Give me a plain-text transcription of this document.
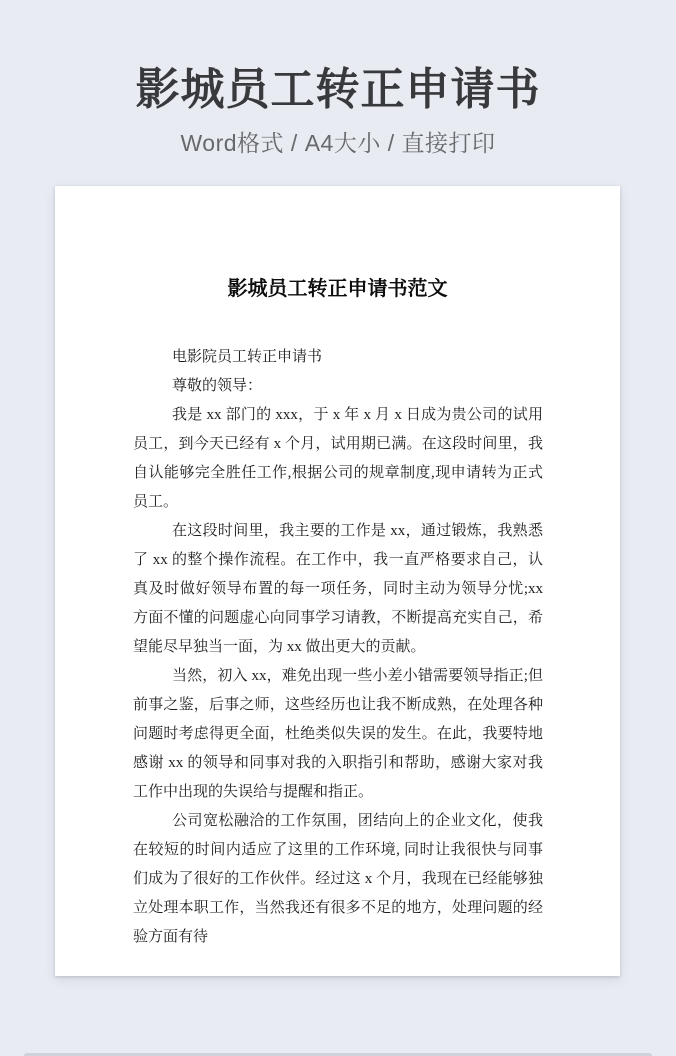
影城员工转正申请书
Word格式 / A4大小 / 直接打印
影城员工转正申请书范文

电影院员工转正申请书

尊敬的领导：

我是 xx 部门的 xxx，于 x 年 x 月 x 日成为贵公司的试用员工，到今天已经有 x 个月，试用期已满。在这段时间里，我自认能够完全胜任工作,根据公司的规章制度,现申请转为正式员工。

在这段时间里，我主要的工作是 xx，通过锻炼，我熟悉了 xx 的整个操作流程。在工作中，我一直严格要求自己，认真及时做好领导布置的每一项任务，同时主动为领导分忧;xx 方面不懂的问题虚心向同事学习请教，不断提高充实自己，希望能尽早独当一面，为 xx 做出更大的贡献。

当然，初入 xx，难免出现一些小差小错需要领导指正;但前事之鉴，后事之师，这些经历也让我不断成熟，在处理各种问题时考虑得更全面，杜绝类似失误的发生。在此，我要特地感谢 xx 的领导和同事对我的入职指引和帮助，感谢大家对我工作中出现的失误给与提醒和指正。

公司宽松融洽的工作氛围，团结向上的企业文化，使我在较短的时间内适应了这里的工作环境, 同时让我很快与同事们成为了很好的工作伙伴。经过这 x 个月，我现在已经能够独立处理本职工作，当然我还有很多不足的地方，处理问题的经验方面有待
